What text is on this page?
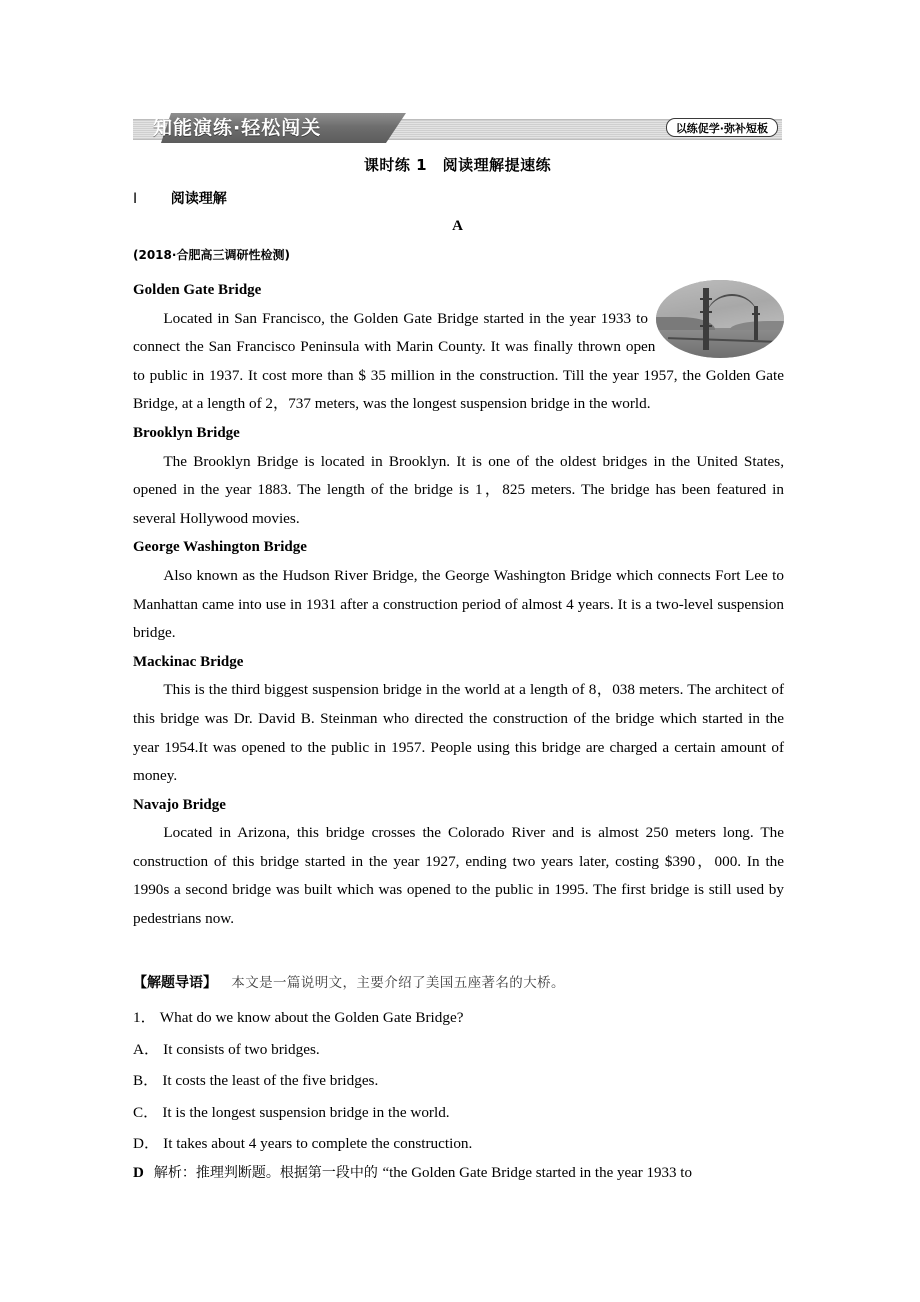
知能演练·轻松闯关	以练促学·弥补短板
课时练 1　阅读理解提速练
Ⅰ 阅读理解
A
(2018·合肥高三调研性检测)

Golden Gate Bridge

Located in San Francisco, the Golden Gate Bridge started in the year 1933 to connect the San Francisco Peninsula with Marin County. It was finally thrown open to public in 1937. It cost more than $ 35 million in the construction. Till the year 1957, the Golden Gate Bridge, at a length of 2，737 meters, was the longest suspension bridge in the world.

Brooklyn Bridge

The Brooklyn Bridge is located in Brooklyn. It is one of the oldest bridges in the United States, opened in the year 1883. The length of the bridge is 1，825 meters. The bridge has been featured in several Hollywood movies.

George Washington Bridge

Also known as the Hudson River Bridge, the George Washington Bridge which connects Fort Lee to Manhattan came into use in 1931 after a construction period of almost 4 years. It is a two-level suspension bridge.

Mackinac Bridge

This is the third biggest suspension bridge in the world at a length of 8，038 meters. The architect of this bridge was Dr. David B. Steinman who directed the construction of the bridge which started in the year 1954.It was opened to the public in 1957. People using this bridge are charged a certain amount of money.

Navajo Bridge

Located in Arizona, this bridge crosses the Colorado River and is almost 250 meters long. The construction of this bridge started in the year 1927, ending two years later, costing $390，000. In the 1990s a second bridge was built which was opened to the public in 1995. The first bridge is still used by pedestrians now.

【解题导语】 本文是一篇说明文，主要介绍了美国五座著名的大桥。
1． What do we know about the Golden Gate Bridge?
A． It consists of two bridges.
B． It costs the least of the five bridges.
C． It is the longest suspension bridge in the world.
D． It takes about 4 years to complete the construction.
D 解析：推理判断题。根据第一段中的 “the Golden Gate Bridge started in the year 1933 to
